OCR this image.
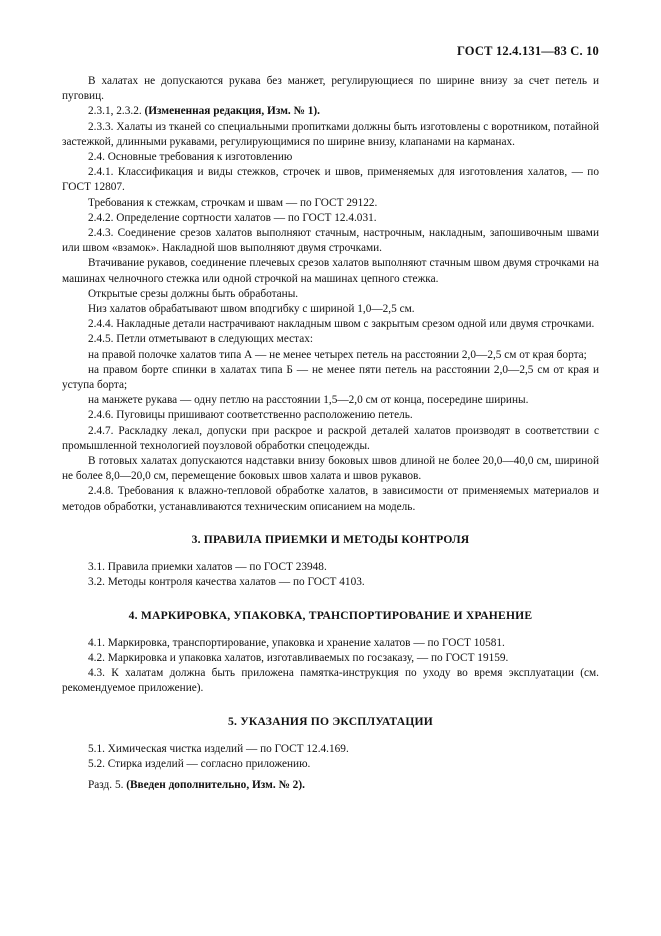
ГОСТ 12.4.131—83 С. 10

В халатах не допускаются рукава без манжет, регулирующиеся по ширине внизу за счет петель и пуговиц.

2.3.1, 2.3.2. (Измененная редакция, Изм. № 1).

2.3.3. Халаты из тканей со специальными пропитками должны быть изготовлены с воротником, потайной застежкой, длинными рукавами, регулирующимися по ширине внизу, клапанами на карманах.

2.4. Основные требования к изготовлению

2.4.1. Классификация и виды стежков, строчек и швов, применяемых для изготовления халатов, — по ГОСТ 12807.

Требования к стежкам, строчкам и швам — по ГОСТ 29122.

2.4.2. Определение сортности халатов — по ГОСТ 12.4.031.

2.4.3. Соединение срезов халатов выполняют стачным, настрочным, накладным, запошивочным швами или швом «взамок». Накладной шов выполняют двумя строчками.

Втачивание рукавов, соединение плечевых срезов халатов выполняют стачным швом двумя строчками на машинах челночного стежка или одной строчкой на машинах цепного стежка.

Открытые срезы должны быть обработаны.

Низ халатов обрабатывают швом вподгибку с шириной 1,0—2,5 см.

2.4.4. Накладные детали настрачивают накладным швом с закрытым срезом одной или двумя строчками.

2.4.5. Петли отметывают в следующих местах:

на правой полочке халатов типа А — не менее четырех петель на расстоянии 2,0—2,5 см от края борта;

на правом борте спинки в халатах типа Б — не менее пяти петель на расстоянии 2,0—2,5 см от края и уступа борта;

на манжете рукава — одну петлю на расстоянии 1,5—2,0 см от конца, посередине ширины.

2.4.6. Пуговицы пришивают соответственно расположению петель.

2.4.7. Раскладку лекал, допуски при раскрое и раскрой деталей халатов производят в соответствии с промышленной технологией поузловой обработки спецодежды.

В готовых халатах допускаются надставки внизу боковых швов длиной не более 20,0—40,0 см, шириной не более 8,0—20,0 см, перемещение боковых швов халата и швов рукавов.

2.4.8. Требования к влажно-тепловой обработке халатов, в зависимости от применяемых материалов и методов обработки, устанавливаются техническим описанием на модель.

3. ПРАВИЛА ПРИЕМКИ И МЕТОДЫ КОНТРОЛЯ

3.1. Правила приемки халатов — по ГОСТ 23948.

3.2. Методы контроля качества халатов — по ГОСТ 4103.

4. МАРКИРОВКА, УПАКОВКА, ТРАНСПОРТИРОВАНИЕ И ХРАНЕНИЕ

4.1. Маркировка, транспортирование, упаковка и хранение халатов — по ГОСТ 10581.

4.2. Маркировка и упаковка халатов, изготавливаемых по госзаказу, — по ГОСТ 19159.

4.3. К халатам должна быть приложена памятка-инструкция по уходу во время эксплуатации (см. рекомендуемое приложение).

5. УКАЗАНИЯ ПО ЭКСПЛУАТАЦИИ

5.1. Химическая чистка изделий — по ГОСТ 12.4.169.

5.2. Стирка изделий — согласно приложению.

Разд. 5. (Введен дополнительно, Изм. № 2).
